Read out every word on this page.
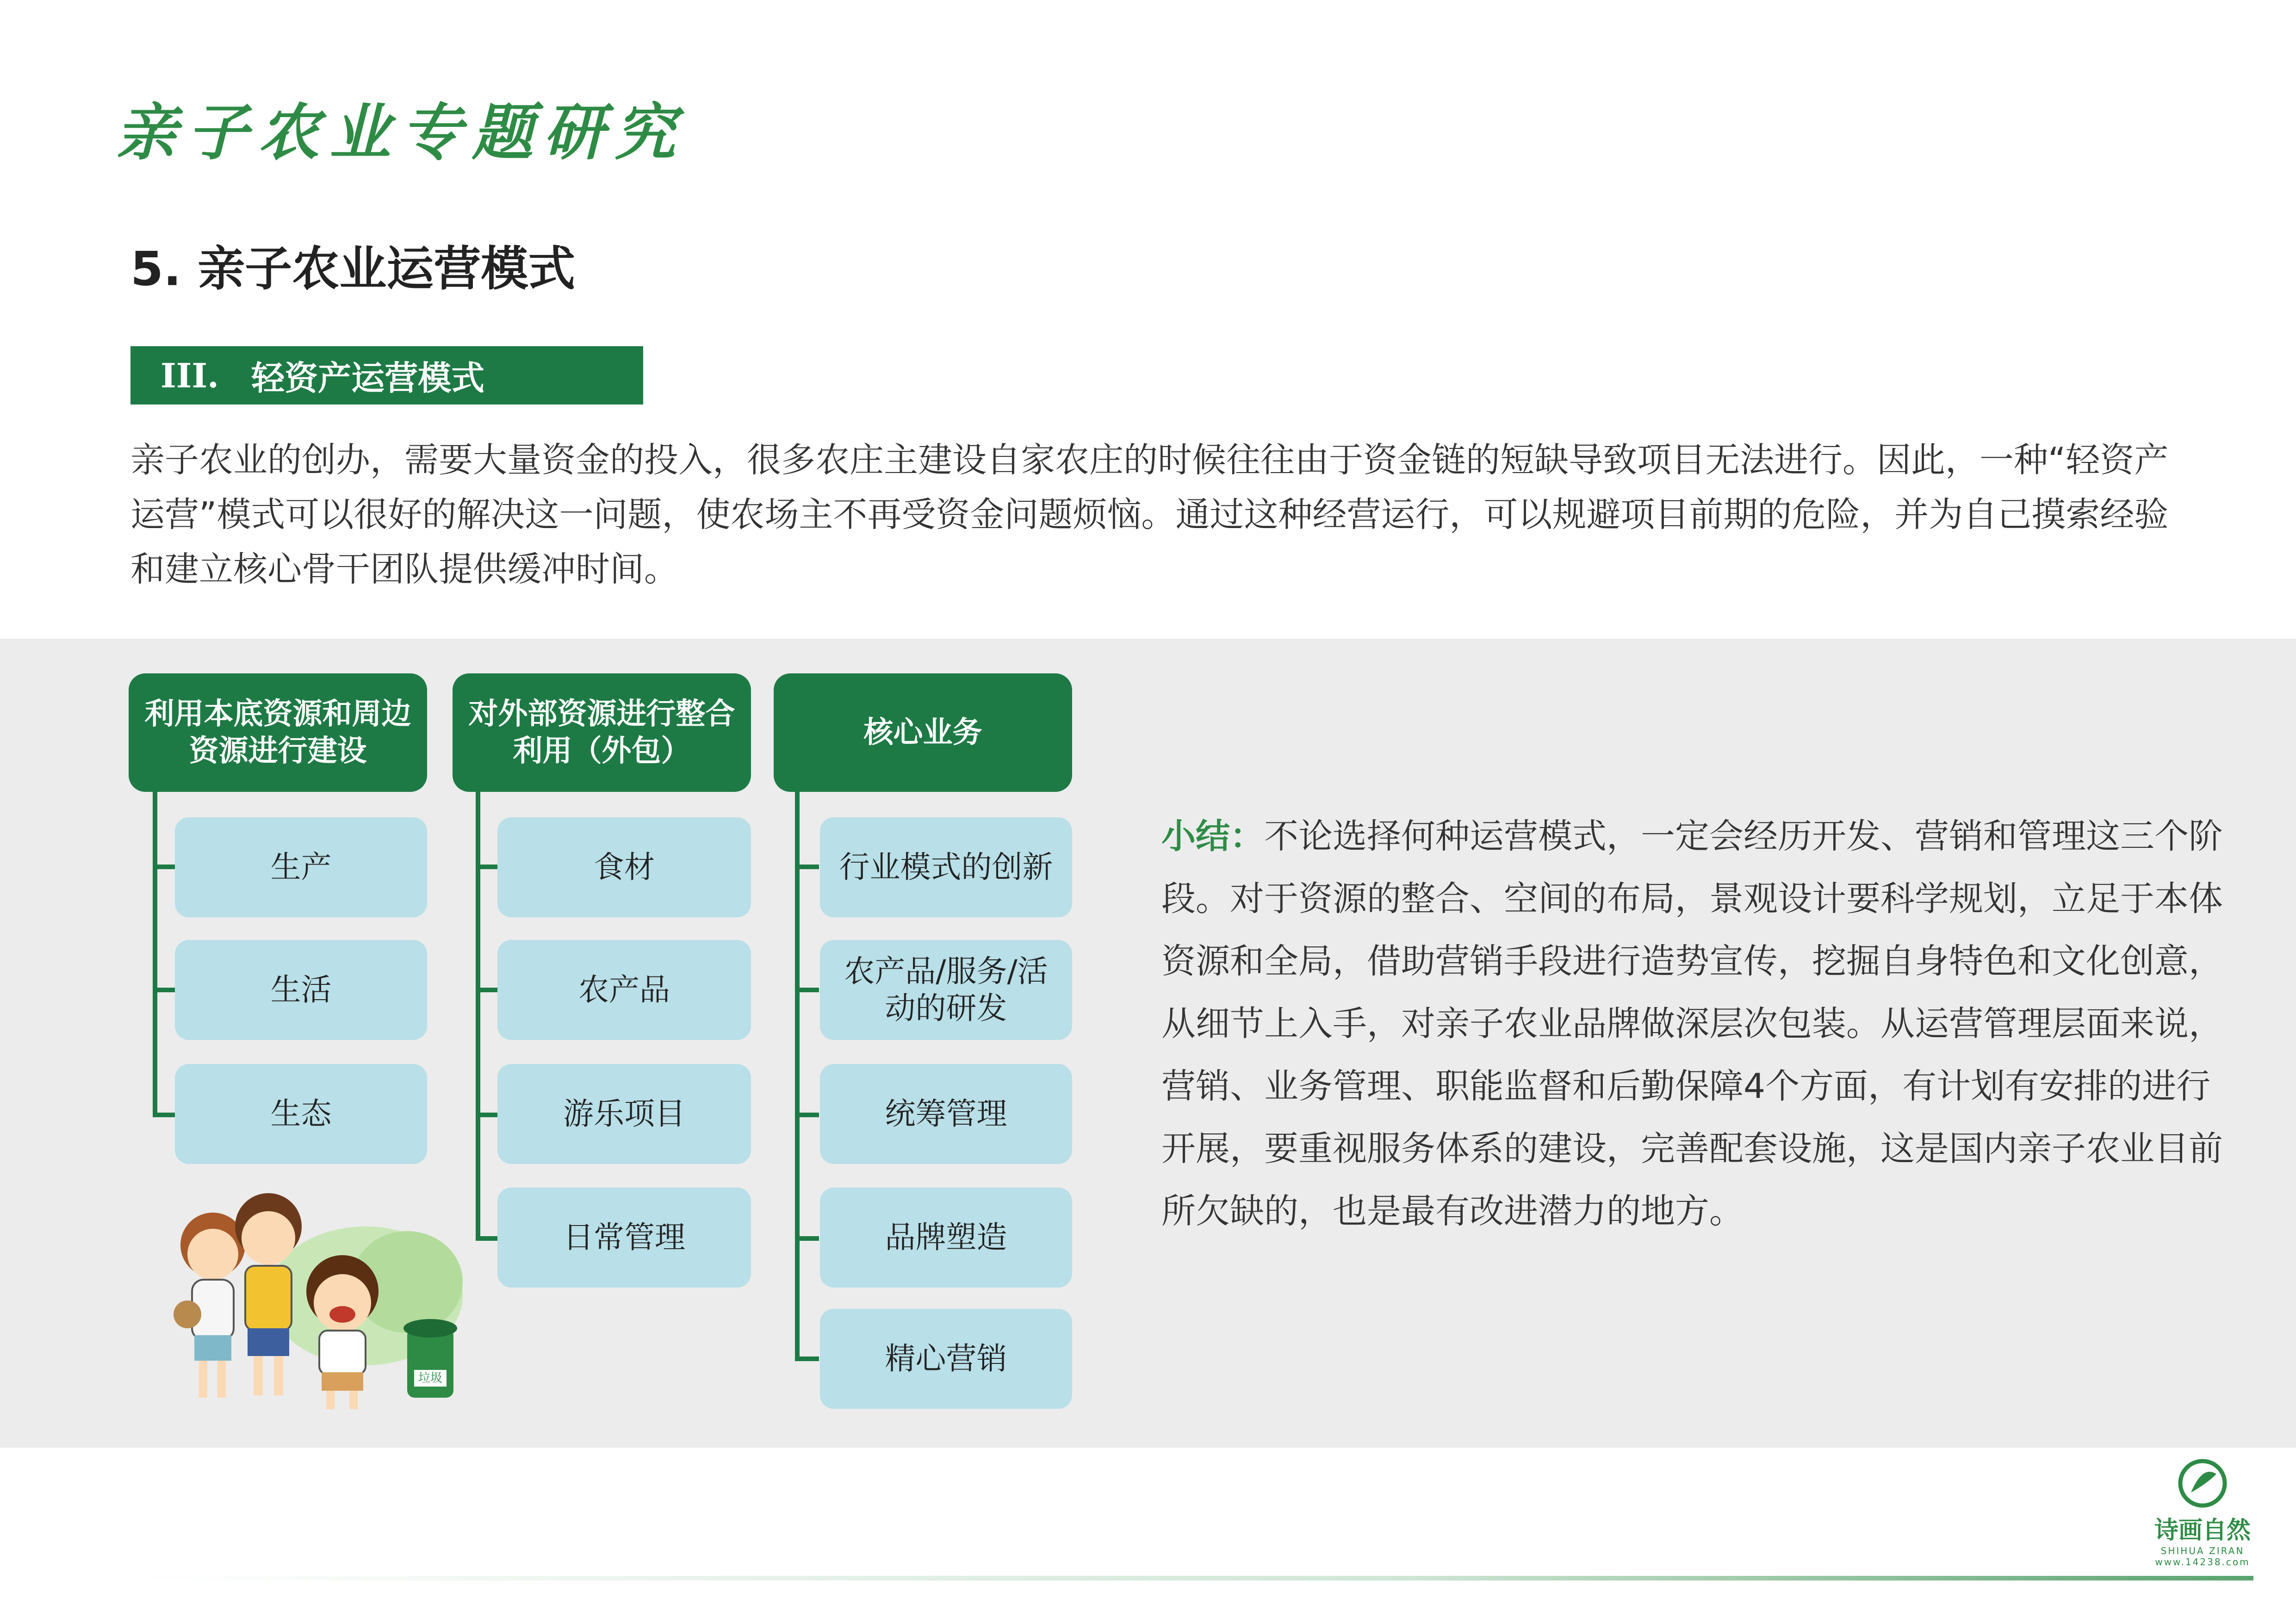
亲子农业专题研究
5. 亲子农业运营模式
III. 轻资产运营模式
亲子农业的创办，需要大量资金的投入，很多农庄主建设自家农庄的时候往往由于资金链的短缺导致项目无法进行。因此，一种“轻资产运营”模式可以很好的解决这一问题，使农场主不再受资金问题烦恼。通过这种经营运行，可以规避项目前期的危险，并为自己摸索经验和建立核心骨干团队提供缓冲时间。
利用本底资源和周边资源进行建设
生产
生活
生态
对外部资源进行整合利用（外包）
食材
农产品
游乐项目
日常管理
核心业务
行业模式的创新
农产品/服务/活动的研发
统筹管理
品牌塑造
精心营销
垃圾
小结：不论选择何种运营模式，一定会经历开发、营销和管理这三个阶段。对于资源的整合、空间的布局，景观设计要科学规划，立足于本体资源和全局，借助营销手段进行造势宣传，挖掘自身特色和文化创意，从细节上入手，对亲子农业品牌做深层次包装。从运营管理层面来说，营销、业务管理、职能监督和后勤保障4个方面，有计划有安排的进行开展，要重视服务体系的建设，完善配套设施，这是国内亲子农业目前所欠缺的，也是最有改进潜力的地方。
诗画自然
SHIHUA ZIRAN
www.14238.com
